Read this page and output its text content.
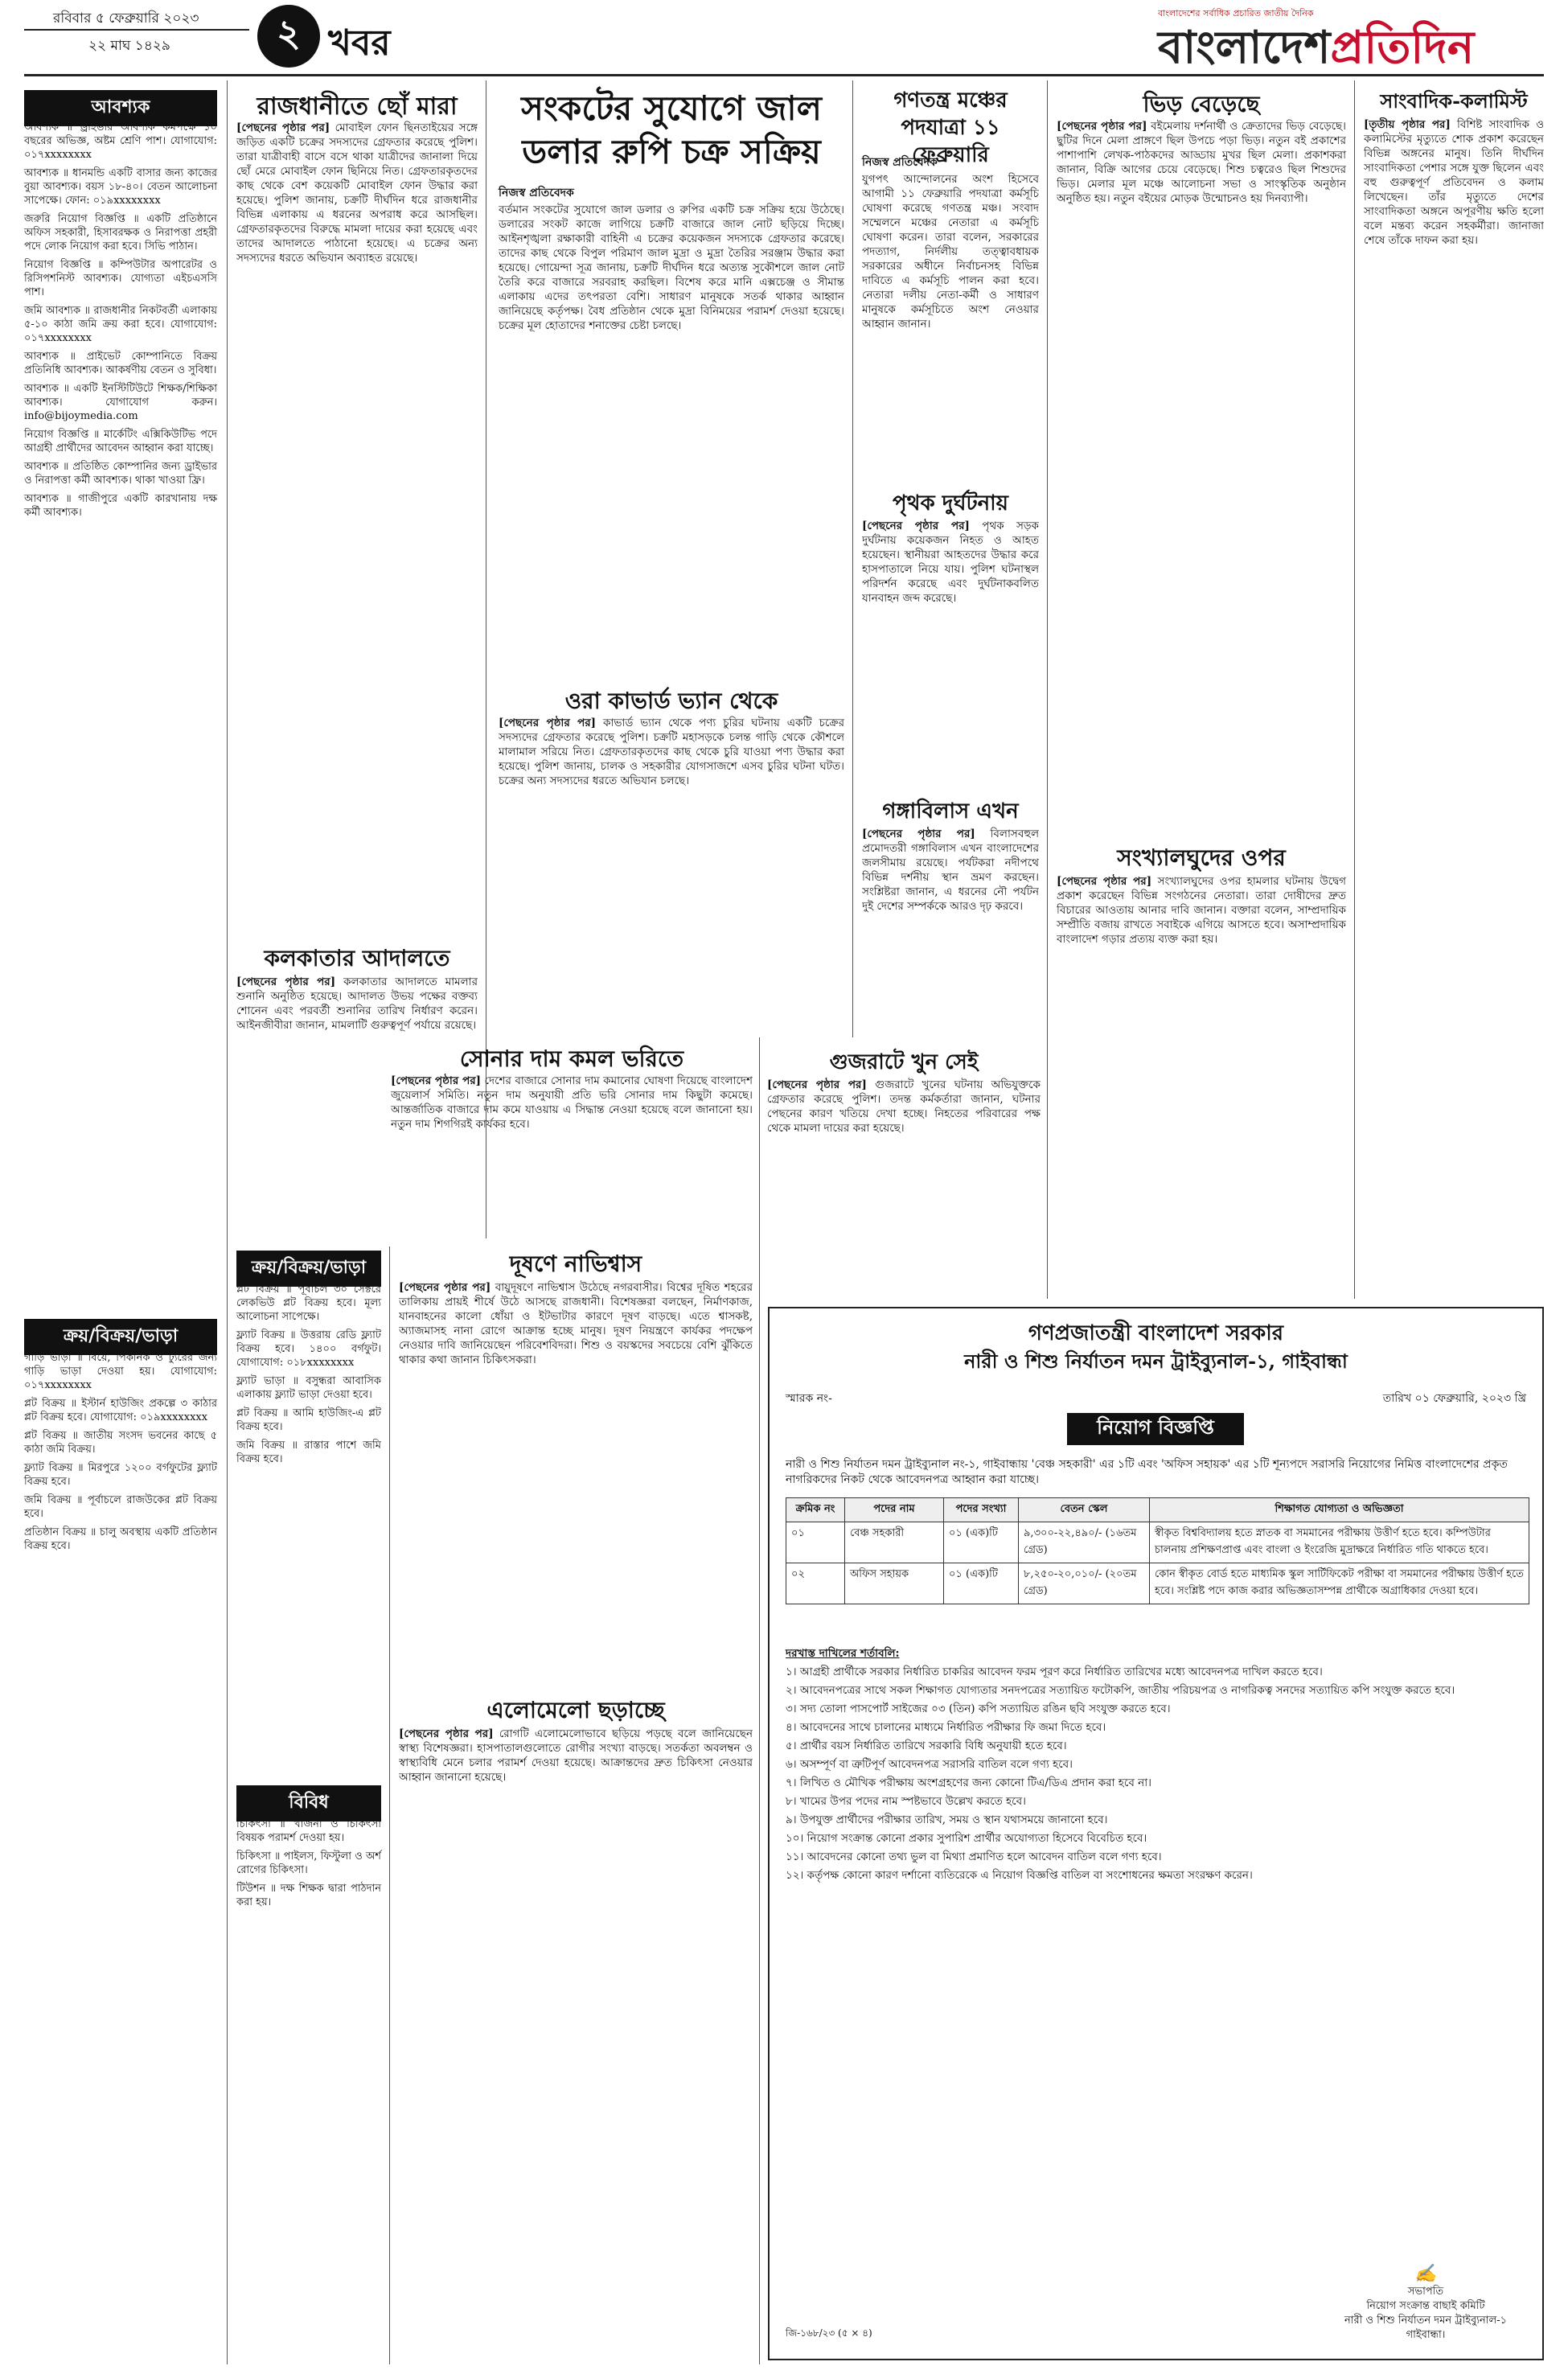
রবিবার ৫ ফেব্রুয়ারি ২০২৩
২২ মাঘ ১৪২৯	২ খবর
বাংলাদেশের সর্বাধিক প্রচারিত জাতীয় দৈনিক
বাংলাদেশপ্রতিদিন
আবশ্যক

আবশ্যক ॥ ড্রাইভার আবশ্যক কমপক্ষে ১০ বছরের অভিজ্ঞ, অষ্টম শ্রেণি পাশ। যোগাযোগ: ০১৭xxxxxxxx

আবশ্যক ॥ ধানমন্ডি একটি বাসার জন্য কাজের বুয়া আবশ্যক। বয়স ১৮-৪০। বেতন আলোচনা সাপেক্ষে। ফোন: ০১৯xxxxxxxx

জরুরি নিয়োগ বিজ্ঞপ্তি ॥ একটি প্রতিষ্ঠানে অফিস সহকারী, হিসাবরক্ষক ও নিরাপত্তা প্রহরী পদে লোক নিয়োগ করা হবে। সিভি পাঠান।

নিয়োগ বিজ্ঞপ্তি ॥ কম্পিউটার অপারেটর ও রিসিপশনিস্ট আবশ্যক। যোগ্যতা এইচএসসি পাশ।

জমি আবশ্যক ॥ রাজধানীর নিকটবর্তী এলাকায় ৫-১০ কাঠা জমি ক্রয় করা হবে। যোগাযোগ: ০১৭xxxxxxxx

আবশ্যক ॥ প্রাইভেট কোম্পানিতে বিক্রয় প্রতিনিধি আবশ্যক। আকর্ষণীয় বেতন ও সুবিধা।

আবশ্যক ॥ একটি ইনস্টিটিউটে শিক্ষক/শিক্ষিকা আবশ্যক। যোগাযোগ করুন। info@bijoymedia.com

নিয়োগ বিজ্ঞপ্তি ॥ মার্কেটিং এক্সিকিউটিভ পদে আগ্রহী প্রার্থীদের আবেদন আহ্বান করা যাচ্ছে।

আবশ্যক ॥ প্রতিষ্ঠিত কোম্পানির জন্য ড্রাইভার ও নিরাপত্তা কর্মী আবশ্যক। থাকা খাওয়া ফ্রি।

আবশ্যক ॥ গাজীপুরে একটি কারখানায় দক্ষ কর্মী আবশ্যক।

ক্রয়/বিক্রয়/ভাড়া

গাড়ি ভাড়া ॥ বিয়ে, পিকনিক ও ট্যুরের জন্য গাড়ি ভাড়া দেওয়া হয়। যোগাযোগ: ০১৭xxxxxxxx

প্লট বিক্রয় ॥ ইস্টার্ন হাউজিং প্রকল্পে ৩ কাঠার প্লট বিক্রয় হবে। যোগাযোগ: ০১৯xxxxxxxx

প্লট বিক্রয় ॥ জাতীয় সংসদ ভবনের কাছে ৫ কাঠা জমি বিক্রয়।

ফ্ল্যাট বিক্রয় ॥ মিরপুরে ১২০০ বর্গফুটের ফ্ল্যাট বিক্রয় হবে।

জমি বিক্রয় ॥ পূর্বাচলে রাজউকের প্লট বিক্রয় হবে।

প্রতিষ্ঠান বিক্রয় ॥ চালু অবস্থায় একটি প্রতিষ্ঠান বিক্রয় হবে।

রাজধানীতে ছোঁ মারা
[পেছনের পৃষ্ঠার পর] মোবাইল ফোন ছিনতাইয়ের সঙ্গে জড়িত একটি চক্রের সদস্যদের গ্রেফতার করেছে পুলিশ। তারা যাত্রীবাহী বাসে বসে থাকা যাত্রীদের জানালা দিয়ে ছোঁ মেরে মোবাইল ফোন ছিনিয়ে নিত। গ্রেফতারকৃতদের কাছ থেকে বেশ কয়েকটি মোবাইল ফোন উদ্ধার করা হয়েছে। পুলিশ জানায়, চক্রটি দীর্ঘদিন ধরে রাজধানীর বিভিন্ন এলাকায় এ ধরনের অপরাধ করে আসছিল। গ্রেফতারকৃতদের বিরুদ্ধে মামলা দায়ের করা হয়েছে এবং তাদের আদালতে পাঠানো হয়েছে। এ চক্রের অন্য সদস্যদের ধরতে অভিযান অব্যাহত রয়েছে।
কলকাতার আদালতে
[পেছনের পৃষ্ঠার পর] কলকাতার আদালতে মামলার শুনানি অনুষ্ঠিত হয়েছে। আদালত উভয় পক্ষের বক্তব্য শোনেন এবং পরবর্তী শুনানির তারিখ নির্ধারণ করেন। আইনজীবীরা জানান, মামলাটি গুরুত্বপূর্ণ পর্যায়ে রয়েছে।
ক্রয়/বিক্রয়/ভাড়া

প্লট বিক্রয় ॥ পূর্বাচল ৩০ সেক্টরে লেকভিউ প্লট বিক্রয় হবে। মূল্য আলোচনা সাপেক্ষে।

ফ্ল্যাট বিক্রয় ॥ উত্তরায় রেডি ফ্ল্যাট বিক্রয় হবে। ১৪০০ বর্গফুট। যোগাযোগ: ০১৮xxxxxxxx

ফ্ল্যাট ভাড়া ॥ বসুন্ধরা আবাসিক এলাকায় ফ্ল্যাট ভাড়া দেওয়া হবে।

প্লট বিক্রয় ॥ আমি হাউজিং-এ প্লট বিক্রয় হবে।

জমি বিক্রয় ॥ রাস্তার পাশে জমি বিক্রয় হবে।

বিবিধ

চিকিৎসা ॥ খাজনা ও চিকিৎসা বিষয়ক পরামর্শ দেওয়া হয়।

চিকিৎসা ॥ পাইলস, ফিস্টুলা ও অর্শ রোগের চিকিৎসা।

টিউশন ॥ দক্ষ শিক্ষক দ্বারা পাঠদান করা হয়।

সংকটের সুযোগে জাল ডলার রুপি চক্র সক্রিয়
নিজস্ব প্রতিবেদক
বর্তমান সংকটের সুযোগে জাল ডলার ও রুপির একটি চক্র সক্রিয় হয়ে উঠেছে। ডলারের সংকট কাজে লাগিয়ে চক্রটি বাজারে জাল নোট ছড়িয়ে দিচ্ছে। আইনশৃঙ্খলা রক্ষাকারী বাহিনী এ চক্রের কয়েকজন সদস্যকে গ্রেফতার করেছে। তাদের কাছ থেকে বিপুল পরিমাণ জাল মুদ্রা ও মুদ্রা তৈরির সরঞ্জাম উদ্ধার করা হয়েছে। গোয়েন্দা সূত্র জানায়, চক্রটি দীর্ঘদিন ধরে অত্যন্ত সুকৌশলে জাল নোট তৈরি করে বাজারে সরবরাহ করছিল। বিশেষ করে মানি এক্সচেঞ্জ ও সীমান্ত এলাকায় এদের তৎপরতা বেশি। সাধারণ মানুষকে সতর্ক থাকার আহ্বান জানিয়েছে কর্তৃপক্ষ। বৈধ প্রতিষ্ঠান থেকে মুদ্রা বিনিময়ের পরামর্শ দেওয়া হয়েছে। চক্রের মূল হোতাদের শনাক্তের চেষ্টা চলছে।
ওরা কাভার্ড ভ্যান থেকে
[পেছনের পৃষ্ঠার পর] কাভার্ড ভ্যান থেকে পণ্য চুরির ঘটনায় একটি চক্রের সদস্যদের গ্রেফতার করেছে পুলিশ। চক্রটি মহাসড়কে চলন্ত গাড়ি থেকে কৌশলে মালামাল সরিয়ে নিত। গ্রেফতারকৃতদের কাছ থেকে চুরি যাওয়া পণ্য উদ্ধার করা হয়েছে। পুলিশ জানায়, চালক ও সহকারীর যোগসাজশে এসব চুরির ঘটনা ঘটত। চক্রের অন্য সদস্যদের ধরতে অভিযান চলছে।
সোনার দাম কমল ভরিতে
[পেছনের পৃষ্ঠার পর] দেশের বাজারে সোনার দাম কমানোর ঘোষণা দিয়েছে বাংলাদেশ জুয়েলার্স সমিতি। নতুন দাম অনুযায়ী প্রতি ভরি সোনার দাম কিছুটা কমেছে। আন্তর্জাতিক বাজারে দাম কমে যাওয়ায় এ সিদ্ধান্ত নেওয়া হয়েছে বলে জানানো হয়। নতুন দাম শিগগিরই কার্যকর হবে।
দূষণে নাভিশ্বাস
[পেছনের পৃষ্ঠার পর] বায়ুদূষণে নাভিশ্বাস উঠেছে নগরবাসীর। বিশ্বের দূষিত শহরের তালিকায় প্রায়ই শীর্ষে উঠে আসছে রাজধানী। বিশেষজ্ঞরা বলছেন, নির্মাণকাজ, যানবাহনের কালো ধোঁয়া ও ইটভাটার কারণে দূষণ বাড়ছে। এতে শ্বাসকষ্ট, অ্যাজমাসহ নানা রোগে আক্রান্ত হচ্ছে মানুষ। দূষণ নিয়ন্ত্রণে কার্যকর পদক্ষেপ নেওয়ার দাবি জানিয়েছেন পরিবেশবিদরা। শিশু ও বয়স্কদের সবচেয়ে বেশি ঝুঁকিতে থাকার কথা জানান চিকিৎসকরা।
এলোমেলো ছড়াচ্ছে
[পেছনের পৃষ্ঠার পর] রোগটি এলোমেলোভাবে ছড়িয়ে পড়ছে বলে জানিয়েছেন স্বাস্থ্য বিশেষজ্ঞরা। হাসপাতালগুলোতে রোগীর সংখ্যা বাড়ছে। সতর্কতা অবলম্বন ও স্বাস্থ্যবিধি মেনে চলার পরামর্শ দেওয়া হয়েছে। আক্রান্তদের দ্রুত চিকিৎসা নেওয়ার আহ্বান জানানো হয়েছে।
গণতন্ত্র মঞ্চের পদযাত্রা ১১ ফেব্রুয়ারি
নিজস্ব প্রতিবেদক
যুগপৎ আন্দোলনের অংশ হিসেবে আগামী ১১ ফেব্রুয়ারি পদযাত্রা কর্মসূচি ঘোষণা করেছে গণতন্ত্র মঞ্চ। সংবাদ সম্মেলনে মঞ্চের নেতারা এ কর্মসূচি ঘোষণা করেন। তারা বলেন, সরকারের পদত্যাগ, নির্দলীয় তত্ত্বাবধায়ক সরকারের অধীনে নির্বাচনসহ বিভিন্ন দাবিতে এ কর্মসূচি পালন করা হবে। নেতারা দলীয় নেতা-কর্মী ও সাধারণ মানুষকে কর্মসূচিতে অংশ নেওয়ার আহ্বান জানান।
পৃথক দুর্ঘটনায়
[পেছনের পৃষ্ঠার পর] পৃথক সড়ক দুর্ঘটনায় কয়েকজন নিহত ও আহত হয়েছেন। স্থানীয়রা আহতদের উদ্ধার করে হাসপাতালে নিয়ে যায়। পুলিশ ঘটনাস্থল পরিদর্শন করেছে এবং দুর্ঘটনাকবলিত যানবাহন জব্দ করেছে।
গঙ্গাবিলাস এখন
[পেছনের পৃষ্ঠার পর] বিলাসবহুল প্রমোদতরী গঙ্গাবিলাস এখন বাংলাদেশের জলসীমায় রয়েছে। পর্যটকরা নদীপথে বিভিন্ন দর্শনীয় স্থান ভ্রমণ করছেন। সংশ্লিষ্টরা জানান, এ ধরনের নৌ পর্যটন দুই দেশের সম্পর্ককে আরও দৃঢ় করবে।
গুজরাটে খুন সেই
[পেছনের পৃষ্ঠার পর] গুজরাটে খুনের ঘটনায় অভিযুক্তকে গ্রেফতার করেছে পুলিশ। তদন্ত কর্মকর্তারা জানান, ঘটনার পেছনের কারণ খতিয়ে দেখা হচ্ছে। নিহতের পরিবারের পক্ষ থেকে মামলা দায়ের করা হয়েছে।
ভিড় বেড়েছে
[পেছনের পৃষ্ঠার পর] বইমেলায় দর্শনার্থী ও ক্রেতাদের ভিড় বেড়েছে। ছুটির দিনে মেলা প্রাঙ্গণে ছিল উপচে পড়া ভিড়। নতুন বই প্রকাশের পাশাপাশি লেখক-পাঠকদের আড্ডায় মুখর ছিল মেলা। প্রকাশকরা জানান, বিক্রি আগের চেয়ে বেড়েছে। শিশু চত্বরেও ছিল শিশুদের ভিড়। মেলার মূল মঞ্চে আলোচনা সভা ও সাংস্কৃতিক অনুষ্ঠান অনুষ্ঠিত হয়। নতুন বইয়ের মোড়ক উন্মোচনও হয় দিনব্যাপী।
সংখ্যালঘুদের ওপর
[পেছনের পৃষ্ঠার পর] সংখ্যালঘুদের ওপর হামলার ঘটনায় উদ্বেগ প্রকাশ করেছেন বিভিন্ন সংগঠনের নেতারা। তারা দোষীদের দ্রুত বিচারের আওতায় আনার দাবি জানান। বক্তারা বলেন, সাম্প্রদায়িক সম্প্রীতি বজায় রাখতে সবাইকে এগিয়ে আসতে হবে। অসাম্প্রদায়িক বাংলাদেশ গড়ার প্রত্যয় ব্যক্ত করা হয়।
সাংবাদিক-কলামিস্ট
[তৃতীয় পৃষ্ঠার পর] বিশিষ্ট সাংবাদিক ও কলামিস্টের মৃত্যুতে শোক প্রকাশ করেছেন বিভিন্ন অঙ্গনের মানুষ। তিনি দীর্ঘদিন সাংবাদিকতা পেশার সঙ্গে যুক্ত ছিলেন এবং বহু গুরুত্বপূর্ণ প্রতিবেদন ও কলাম লিখেছেন। তাঁর মৃত্যুতে দেশের সাংবাদিকতা অঙ্গনে অপূরণীয় ক্ষতি হলো বলে মন্তব্য করেন সহকর্মীরা। জানাজা শেষে তাঁকে দাফন করা হয়।
গণপ্রজাতন্ত্রী বাংলাদেশ সরকার
নারী ও শিশু নির্যাতন দমন ট্রাইব্যুনাল-১, গাইবান্ধা
স্মারক নং-	তারিখ ০১ ফেব্রুয়ারি, ২০২৩ খ্রি
নিয়োগ বিজ্ঞপ্তি
নারী ও শিশু নির্যাতন দমন ট্রাইব্যুনাল নং-১, গাইবান্ধায় 'বেঞ্চ সহকারী' এর ১টি এবং 'অফিস সহায়ক' এর ১টি শূন্যপদে সরাসরি নিয়োগের নিমিত্ত বাংলাদেশের প্রকৃত নাগরিকদের নিকট থেকে আবেদনপত্র আহ্বান করা যাচ্ছে।
ক্রমিক নং	পদের নাম	পদের সংখ্যা	বেতন স্কেল	শিক্ষাগত যোগ্যতা ও অভিজ্ঞতা
০১	বেঞ্চ সহকারী	০১ (এক)টি	৯,৩০০-২২,৪৯০/- (১৬তম গ্রেড)	স্বীকৃত বিশ্ববিদ্যালয় হতে স্নাতক বা সমমানের পরীক্ষায় উত্তীর্ণ হতে হবে। কম্পিউটার চালনায় প্রশিক্ষণপ্রাপ্ত এবং বাংলা ও ইংরেজি মুদ্রাক্ষরে নির্ধারিত গতি থাকতে হবে।
০২	অফিস সহায়ক	০১ (এক)টি	৮,২৫০-২০,০১০/- (২০তম গ্রেড)	কোন স্বীকৃত বোর্ড হতে মাধ্যমিক স্কুল সার্টিফিকেট পরীক্ষা বা সমমানের পরীক্ষায় উত্তীর্ণ হতে হবে। সংশ্লিষ্ট পদে কাজ করার অভিজ্ঞতাসম্পন্ন প্রার্থীকে অগ্রাধিকার দেওয়া হবে।

দরখাস্ত দাখিলের শর্তাবলি:

১। আগ্রহী প্রার্থীকে সরকার নির্ধারিত চাকরির আবেদন ফরম পূরণ করে নির্ধারিত তারিখের মধ্যে আবেদনপত্র দাখিল করতে হবে।

২। আবেদনপত্রের সাথে সকল শিক্ষাগত যোগ্যতার সনদপত্রের সত্যায়িত ফটোকপি, জাতীয় পরিচয়পত্র ও নাগরিকত্ব সনদের সত্যায়িত কপি সংযুক্ত করতে হবে।

৩। সদ্য তোলা পাসপোর্ট সাইজের ০৩ (তিন) কপি সত্যায়িত রঙিন ছবি সংযুক্ত করতে হবে।

৪। আবেদনের সাথে চালানের মাধ্যমে নির্ধারিত পরীক্ষার ফি জমা দিতে হবে।

৫। প্রার্থীর বয়স নির্ধারিত তারিখে সরকারি বিধি অনুযায়ী হতে হবে।

৬। অসম্পূর্ণ বা ত্রুটিপূর্ণ আবেদনপত্র সরাসরি বাতিল বলে গণ্য হবে।

৭। লিখিত ও মৌখিক পরীক্ষায় অংশগ্রহণের জন্য কোনো টিএ/ডিএ প্রদান করা হবে না।

৮। খামের উপর পদের নাম স্পষ্টভাবে উল্লেখ করতে হবে।

৯। উপযুক্ত প্রার্থীদের পরীক্ষার তারিখ, সময় ও স্থান যথাসময়ে জানানো হবে।

১০। নিয়োগ সংক্রান্ত কোনো প্রকার সুপারিশ প্রার্থীর অযোগ্যতা হিসেবে বিবেচিত হবে।

১১। আবেদনের কোনো তথ্য ভুল বা মিথ্যা প্রমাণিত হলে আবেদন বাতিল বলে গণ্য হবে।

১২। কর্তৃপক্ষ কোনো কারণ দর্শানো ব্যতিরেকে এ নিয়োগ বিজ্ঞপ্তি বাতিল বা সংশোধনের ক্ষমতা সংরক্ষণ করেন।

জি-১৬৮/২৩ (৫ × ৪)
✍
সভাপতি
নিয়োগ সংক্রান্ত বাছাই কমিটি
নারী ও শিশু নির্যাতন দমন ট্রাইব্যুনাল-১
গাইবান্ধা।
